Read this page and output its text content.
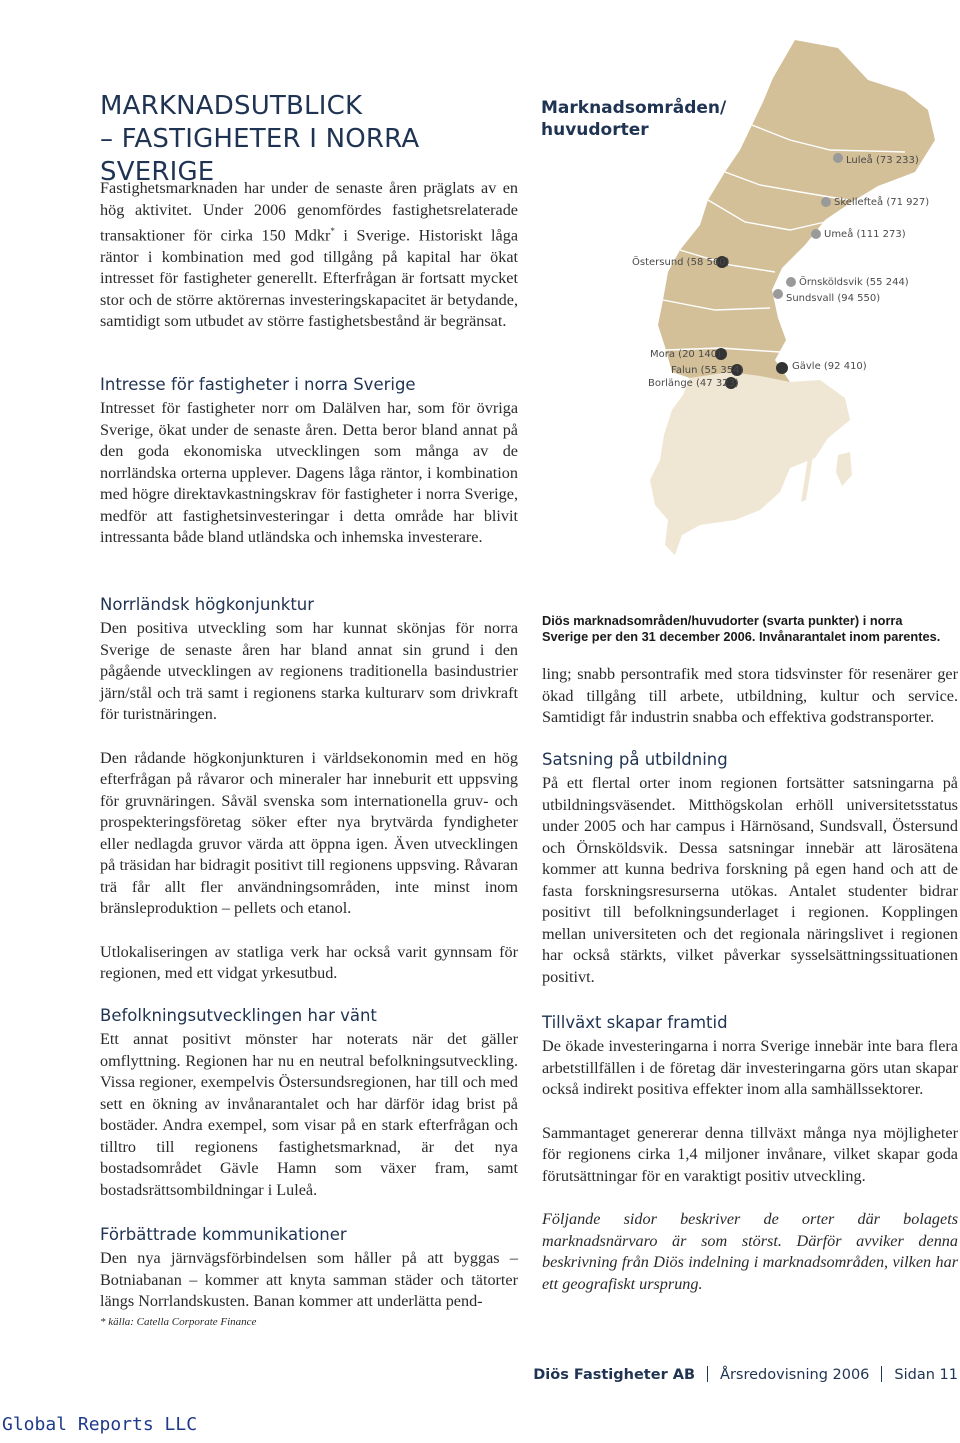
MARKNADSUTBLICK
– FASTIGHETER I NORRA SVERIGE

Fastighetsmarknaden har under de senaste åren präglats av en hög aktivitet. Under 2006 genomfördes fastighetsrelaterade transaktioner för cirka 150 Mdkr* i Sverige. Historiskt låga räntor i kombination med god tillgång på kapital har ökat intresset för fastigheter generellt. Efterfrågan är fortsatt mycket stor och de större aktörernas investeringskapacitet är betydande, samtidigt som utbudet av större fastighetsbestånd är begränsat.

Intresse för fastigheter i norra Sverige

Intresset för fastigheter norr om Dalälven har, som för övriga Sverige, ökat under de senaste åren. Detta beror bland annat på den goda ekonomiska utvecklingen som många av de norrländska orterna upplever. Dagens låga räntor, i kombination med högre direktavkastningskrav för fastigheter i norra Sverige, medför att fastighetsinvesteringar i detta område har blivit intressanta både bland utländska och inhemska investerare.

Norrländsk högkonjunktur

Den positiva utveckling som har kunnat skönjas för norra Sverige de senaste åren har bland annat sin grund i den pågående utvecklingen av regionens traditionella basindustrier järn/stål och trä samt i regionens starka kulturarv som drivkraft för turistnäringen.

Den rådande högkonjunkturen i världsekonomin med en hög efterfrågan på råvaror och mineraler har inneburit ett uppsving för gruvnäringen. Såväl svenska som internationella gruv- och prospekteringsföretag söker efter nya brytvärda fyndigheter eller nedlagda gruvor värda att öppna igen. Även utvecklingen på träsidan har bidragit positivt till regionens uppsving. Råvaran trä får allt fler användningsområden, inte minst inom bränsleproduktion – pellets och etanol.

Utlokaliseringen av statliga verk har också varit gynnsam för regionen, med ett vidgat yrkesutbud.

Befolkningsutvecklingen har vänt

Ett annat positivt mönster har noterats när det gäller omflyttning. Regionen har nu en neutral befolkningsutveckling. Vissa regioner, exempelvis Östersundsregionen, har till och med sett en ökning av invånarantalet och har därför idag brist på bostäder. Andra exempel, som visar på en stark efterfrågan och tilltro till regionens fastighetsmarknad, är det nya bostadsområdet Gävle Hamn som växer fram, samt bostadsrättsombildningar i Luleå.

Förbättrade kommunikationer

Den nya järnvägsförbindelsen som håller på att byggas – Botniabanan – kommer att knyta samman städer och tätorter längs Norrlandskusten. Banan kommer att underlätta pend-

* källa: Catella Corporate Finance

Marknadsområden/
huvudorter
Luleå (73 233)
Skellefteå (71 927)
Umeå (111 273)
Östersund (58 560)
Örnsköldsvik (55 244)
Sundsvall (94 550)
Mora (20 140)
Gävle (92 410)
Falun (55 354)
Borlänge (47 323)

Diös marknadsområden/huvudorter (svarta punkter) i norra Sverige per den 31 december 2006. Invånarantalet inom parentes.

ling; snabb persontrafik med stora tidsvinster för resenärer ger ökad tillgång till arbete, utbildning, kultur och service. Samtidigt får industrin snabba och effektiva godstransporter.

Satsning på utbildning

På ett flertal orter inom regionen fortsätter satsningarna på utbildningsväsendet. Mitthögskolan erhöll universitetsstatus under 2005 och har campus i Härnösand, Sundsvall, Östersund och Örnsköldsvik. Dessa satsningar innebär att lärosätena kommer att kunna bedriva forskning på egen hand och att de fasta forskningsresurserna utökas. Antalet studenter bidrar positivt till befolkningsunderlaget i regionen. Kopplingen mellan universiteten och det regionala näringslivet i regionen har också stärkts, vilket påverkar sysselsättningssituationen positivt.

Tillväxt skapar framtid

De ökade investeringarna i norra Sverige innebär inte bara flera arbetstillfällen i de företag där investeringarna görs utan skapar också indirekt positiva effekter inom alla samhällssektorer.

Sammantaget genererar denna tillväxt många nya möjligheter för regionens cirka 1,4 miljoner invånare, vilket skapar goda förutsättningar för en varaktigt positiv utveckling.

Följande sidor beskriver de orter där bolagets marknadsnärvaro är som störst. Därför avviker denna beskrivning från Diös indelning i marknadsområden, vilken har ett geografiskt ursprung.

Diös Fastigheter AB Årsredovisning 2006 Sidan 11

Global Reports LLC
